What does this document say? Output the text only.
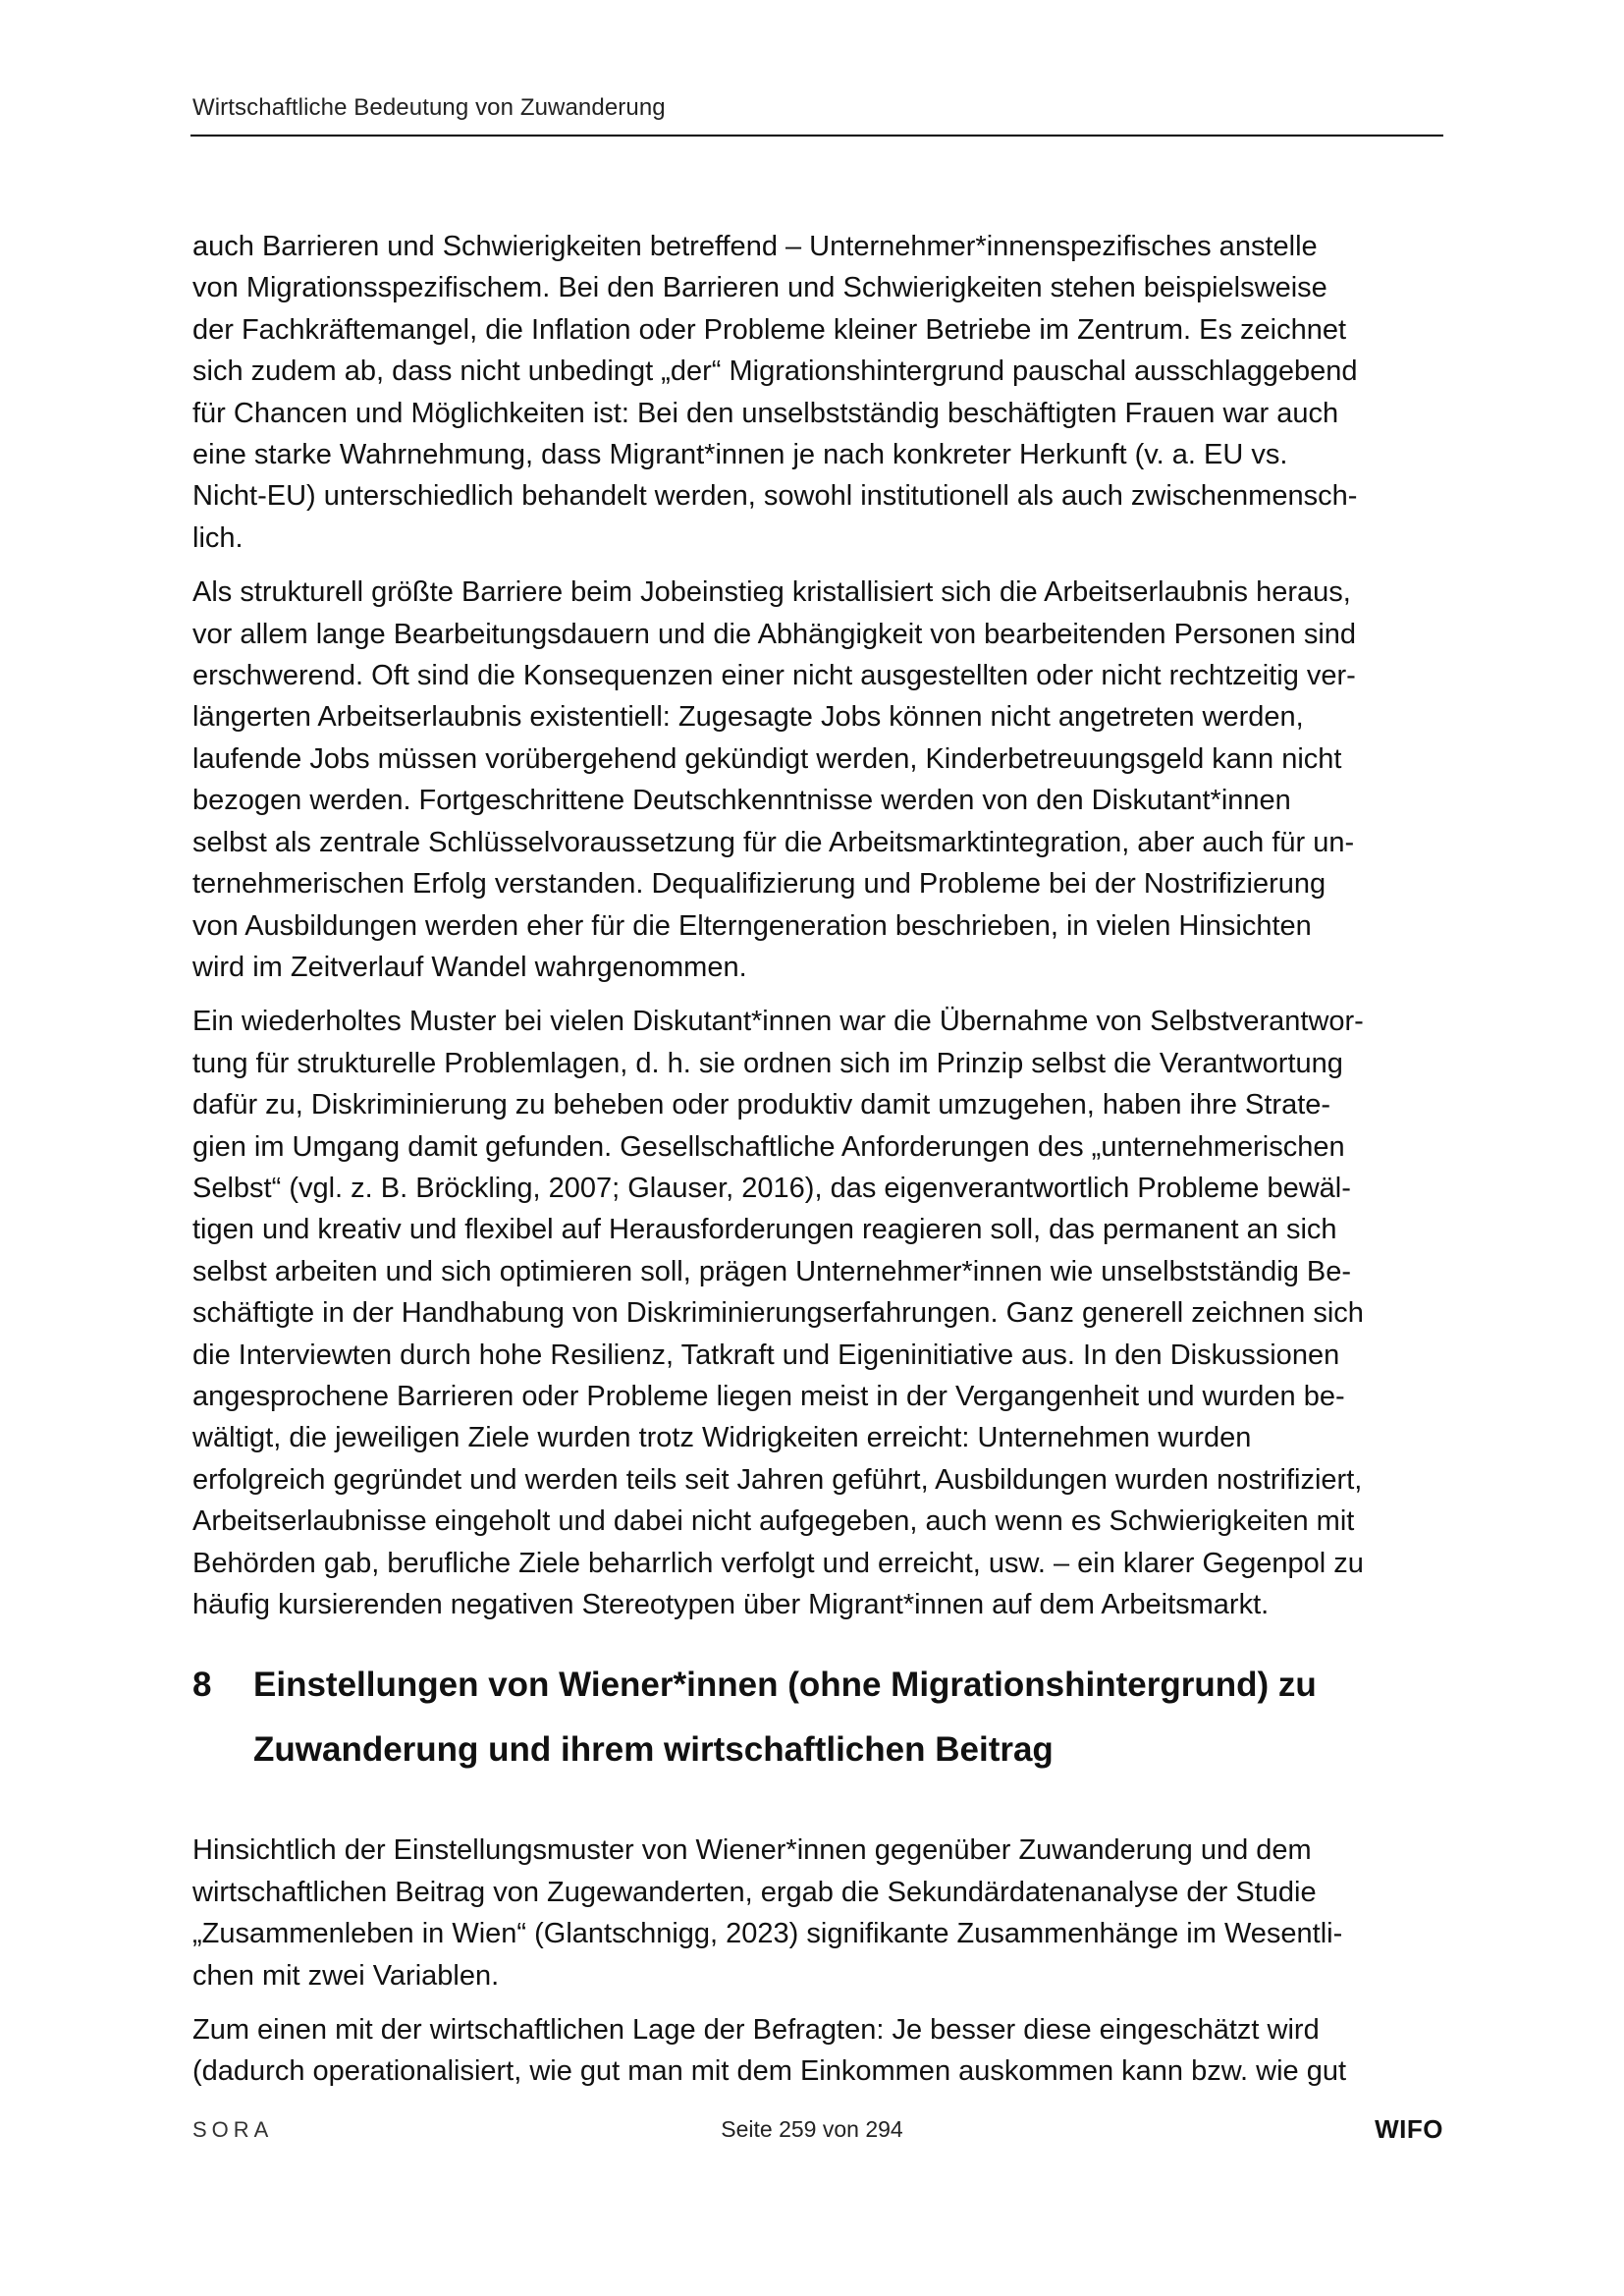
Wirtschaftliche Bedeutung von Zuwanderung

auch Barrieren und Schwierigkeiten betreffend – Unternehmer*innenspezifisches anstelle
von Migrationsspezifischem. Bei den Barrieren und Schwierigkeiten stehen beispielsweise
der Fachkräftemangel, die Inflation oder Probleme kleiner Betriebe im Zentrum. Es zeichnet
sich zudem ab, dass nicht unbedingt „der“ Migrationshintergrund pauschal ausschlaggebend
für Chancen und Möglichkeiten ist: Bei den unselbstständig beschäftigten Frauen war auch
eine starke Wahrnehmung, dass Migrant*innen je nach konkreter Herkunft (v. a. EU vs.
Nicht-EU) unterschiedlich behandelt werden, sowohl institutionell als auch zwischenmensch-
lich.

Als strukturell größte Barriere beim Jobeinstieg kristallisiert sich die Arbeitserlaubnis heraus,
vor allem lange Bearbeitungsdauern und die Abhängigkeit von bearbeitenden Personen sind
erschwerend. Oft sind die Konsequenzen einer nicht ausgestellten oder nicht rechtzeitig ver-
längerten Arbeitserlaubnis existentiell: Zugesagte Jobs können nicht angetreten werden,
laufende Jobs müssen vorübergehend gekündigt werden, Kinderbetreuungsgeld kann nicht
bezogen werden. Fortgeschrittene Deutschkenntnisse werden von den Diskutant*innen
selbst als zentrale Schlüsselvoraussetzung für die Arbeitsmarktintegration, aber auch für un-
ternehmerischen Erfolg verstanden. Dequalifizierung und Probleme bei der Nostrifizierung
von Ausbildungen werden eher für die Elterngeneration beschrieben, in vielen Hinsichten
wird im Zeitverlauf Wandel wahrgenommen.

Ein wiederholtes Muster bei vielen Diskutant*innen war die Übernahme von Selbstverantwor-
tung für strukturelle Problemlagen, d. h. sie ordnen sich im Prinzip selbst die Verantwortung
dafür zu, Diskriminierung zu beheben oder produktiv damit umzugehen, haben ihre Strate-
gien im Umgang damit gefunden. Gesellschaftliche Anforderungen des „unternehmerischen
Selbst“ (vgl. z. B. Bröckling, 2007; Glauser, 2016), das eigenverantwortlich Probleme bewäl-
tigen und kreativ und flexibel auf Herausforderungen reagieren soll, das permanent an sich
selbst arbeiten und sich optimieren soll, prägen Unternehmer*innen wie unselbstständig Be-
schäftigte in der Handhabung von Diskriminierungserfahrungen. Ganz generell zeichnen sich
die Interviewten durch hohe Resilienz, Tatkraft und Eigeninitiative aus. In den Diskussionen
angesprochene Barrieren oder Probleme liegen meist in der Vergangenheit und wurden be-
wältigt, die jeweiligen Ziele wurden trotz Widrigkeiten erreicht: Unternehmen wurden
erfolgreich gegründet und werden teils seit Jahren geführt, Ausbildungen wurden nostrifiziert,
Arbeitserlaubnisse eingeholt und dabei nicht aufgegeben, auch wenn es Schwierigkeiten mit
Behörden gab, berufliche Ziele beharrlich verfolgt und erreicht, usw. – ein klarer Gegenpol zu
häufig kursierenden negativen Stereotypen über Migrant*innen auf dem Arbeitsmarkt.

8	Einstellungen von Wiener*innen (ohne Migrationshintergrund) zu
Zuwanderung und ihrem wirtschaftlichen Beitrag

Hinsichtlich der Einstellungsmuster von Wiener*innen gegenüber Zuwanderung und dem
wirtschaftlichen Beitrag von Zugewanderten, ergab die Sekundärdatenanalyse der Studie
„Zusammenleben in Wien“ (Glantschnigg, 2023) signifikante Zusammenhänge im Wesentli-
chen mit zwei Variablen.

Zum einen mit der wirtschaftlichen Lage der Befragten: Je besser diese eingeschätzt wird
(dadurch operationalisiert, wie gut man mit dem Einkommen auskommen kann bzw. wie gut

SORA	Seite 259 von 294	WIFO
